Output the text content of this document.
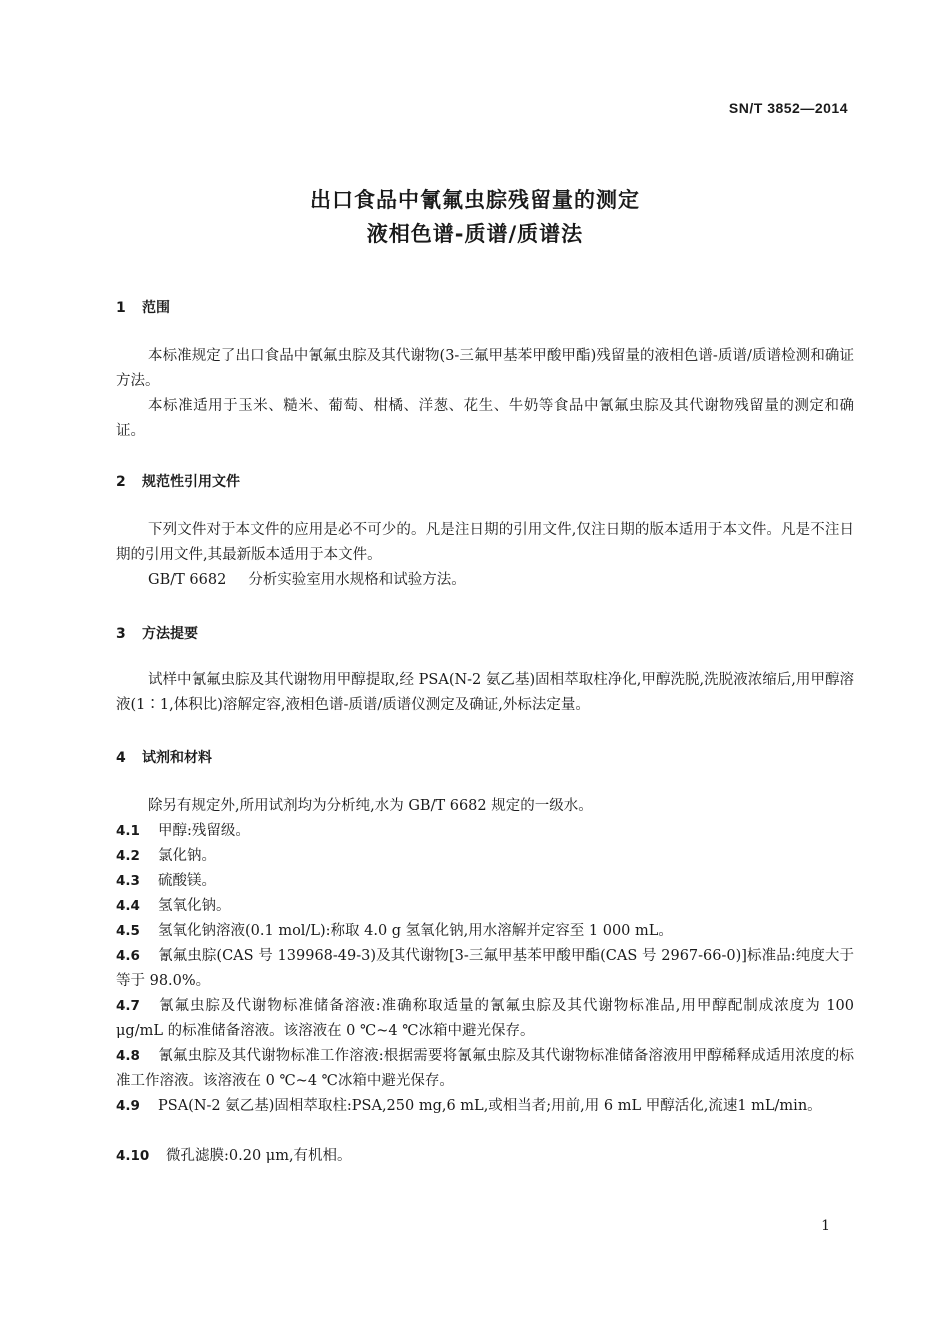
SN/T 3852—2014
出口食品中氰氟虫腙残留量的测定
液相色谱-质谱/质谱法
1 范围
本标准规定了出口食品中氰氟虫腙及其代谢物(3-三氟甲基苯甲酸甲酯)残留量的液相色谱-质谱/质谱检测和确证方法。
本标准适用于玉米、糙米、葡萄、柑橘、洋葱、花生、牛奶等食品中氰氟虫腙及其代谢物残留量的测定和确证。
2 规范性引用文件
下列文件对于本文件的应用是必不可少的。凡是注日期的引用文件,仅注日期的版本适用于本文件。凡是不注日期的引用文件,其最新版本适用于本文件。
GB/T 6682 分析实验室用水规格和试验方法。
3 方法提要
试样中氰氟虫腙及其代谢物用甲醇提取,经 PSA(N-2 氨乙基)固相萃取柱净化,甲醇洗脱,洗脱液浓缩后,用甲醇溶液(1∶1,体积比)溶解定容,液相色谱-质谱/质谱仪测定及确证,外标法定量。
4 试剂和材料
除另有规定外,所用试剂均为分析纯,水为 GB/T 6682 规定的一级水。
4.1 甲醇:残留级。
4.2 氯化钠。
4.3 硫酸镁。
4.4 氢氧化钠。
4.5 氢氧化钠溶液(0.1 mol/L):称取 4.0 g 氢氧化钠,用水溶解并定容至 1 000 mL。
4.6 氰氟虫腙(CAS 号 139968-49-3)及其代谢物[3-三氟甲基苯甲酸甲酯(CAS 号 2967-66-0)]标准品:纯度大于等于 98.0%。
4.7 氰氟虫腙及代谢物标准储备溶液:准确称取适量的氰氟虫腙及其代谢物标准品,用甲醇配制成浓度为 100 μg/mL 的标准储备溶液。该溶液在 0 ℃~4 ℃冰箱中避光保存。
4.8 氰氟虫腙及其代谢物标准工作溶液:根据需要将氰氟虫腙及其代谢物标准储备溶液用甲醇稀释成适用浓度的标准工作溶液。该溶液在 0 ℃~4 ℃冰箱中避光保存。
4.9 PSA(N-2 氨乙基)固相萃取柱:PSA,250 mg,6 mL,或相当者;用前,用 6 mL 甲醇活化,流速1 mL/min。
4.10 微孔滤膜:0.20 μm,有机相。
1
